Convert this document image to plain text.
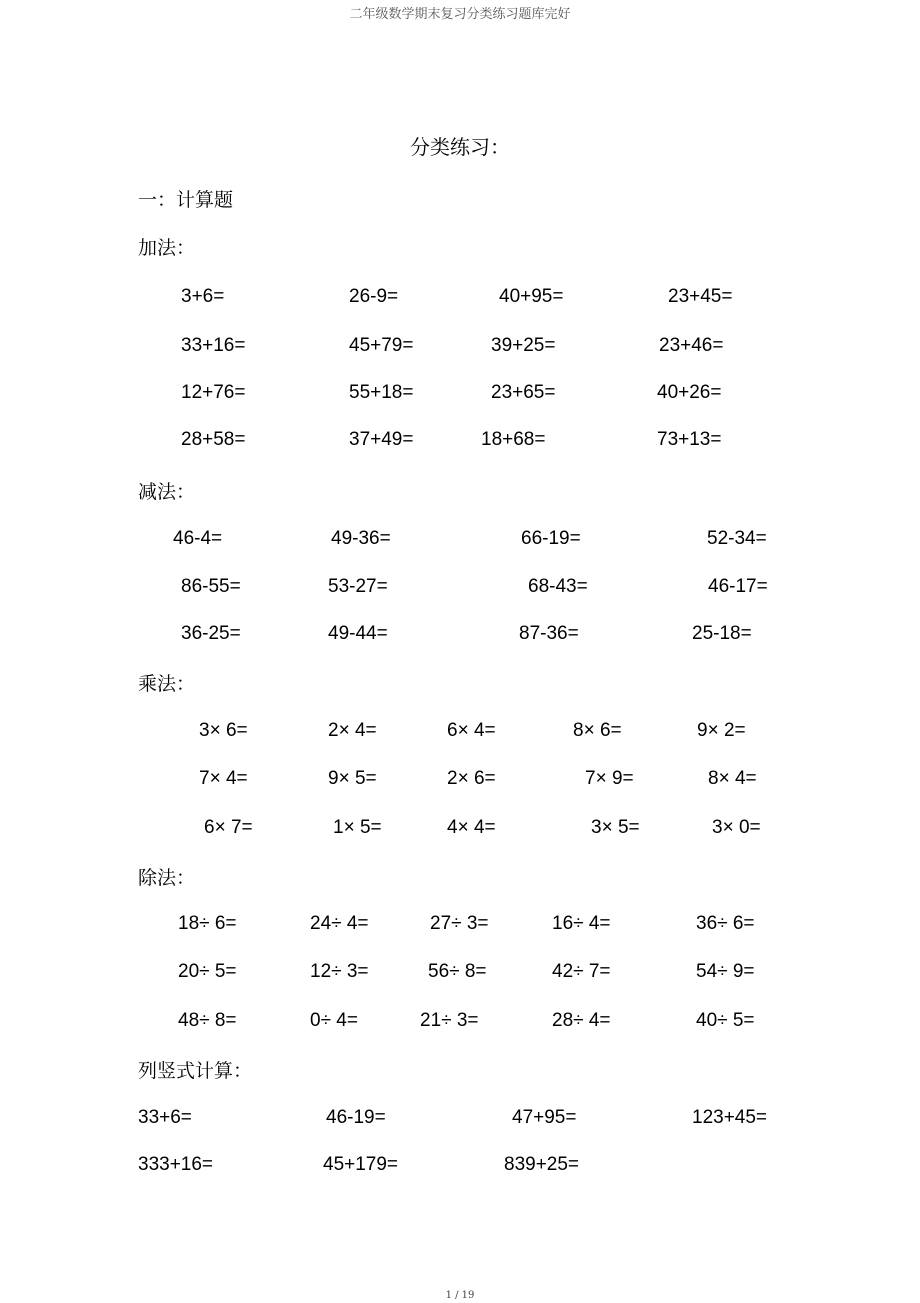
二年级数学期末复习分类练习题库完好
分类练习：
一：计算题
加法：
减法：
乘法：
除法：
列竖式计算：
3+6=	26-9=	40+95=	23+45=
33+16=	45+79=	39+25=	23+46=
12+76=	55+18=	23+65=	40+26=
28+58=	37+49=	18+68=	73+13=
46-4=	49-36=	66-19=	52-34=
86-55=	53-27=	68-43=	46-17=
36-25=	49-44=	87-36=	25-18=
3× 6=	2× 4=	6× 4=	8× 6=	9× 2=
7× 4=	9× 5=	2× 6=	7× 9=	8× 4=
6× 7=	1× 5=	4× 4=	3× 5=	3× 0=
18÷ 6=	24÷ 4=	27÷ 3=	16÷ 4=	36÷ 6=
20÷ 5=	12÷ 3=	56÷ 8=	42÷ 7=	54÷ 9=
48÷ 8=	0÷ 4=	21÷ 3=	28÷ 4=	40÷ 5=
33+6=	46-19=	47+95=	123+45=
333+16=	45+179=	839+25=
1 / 19
